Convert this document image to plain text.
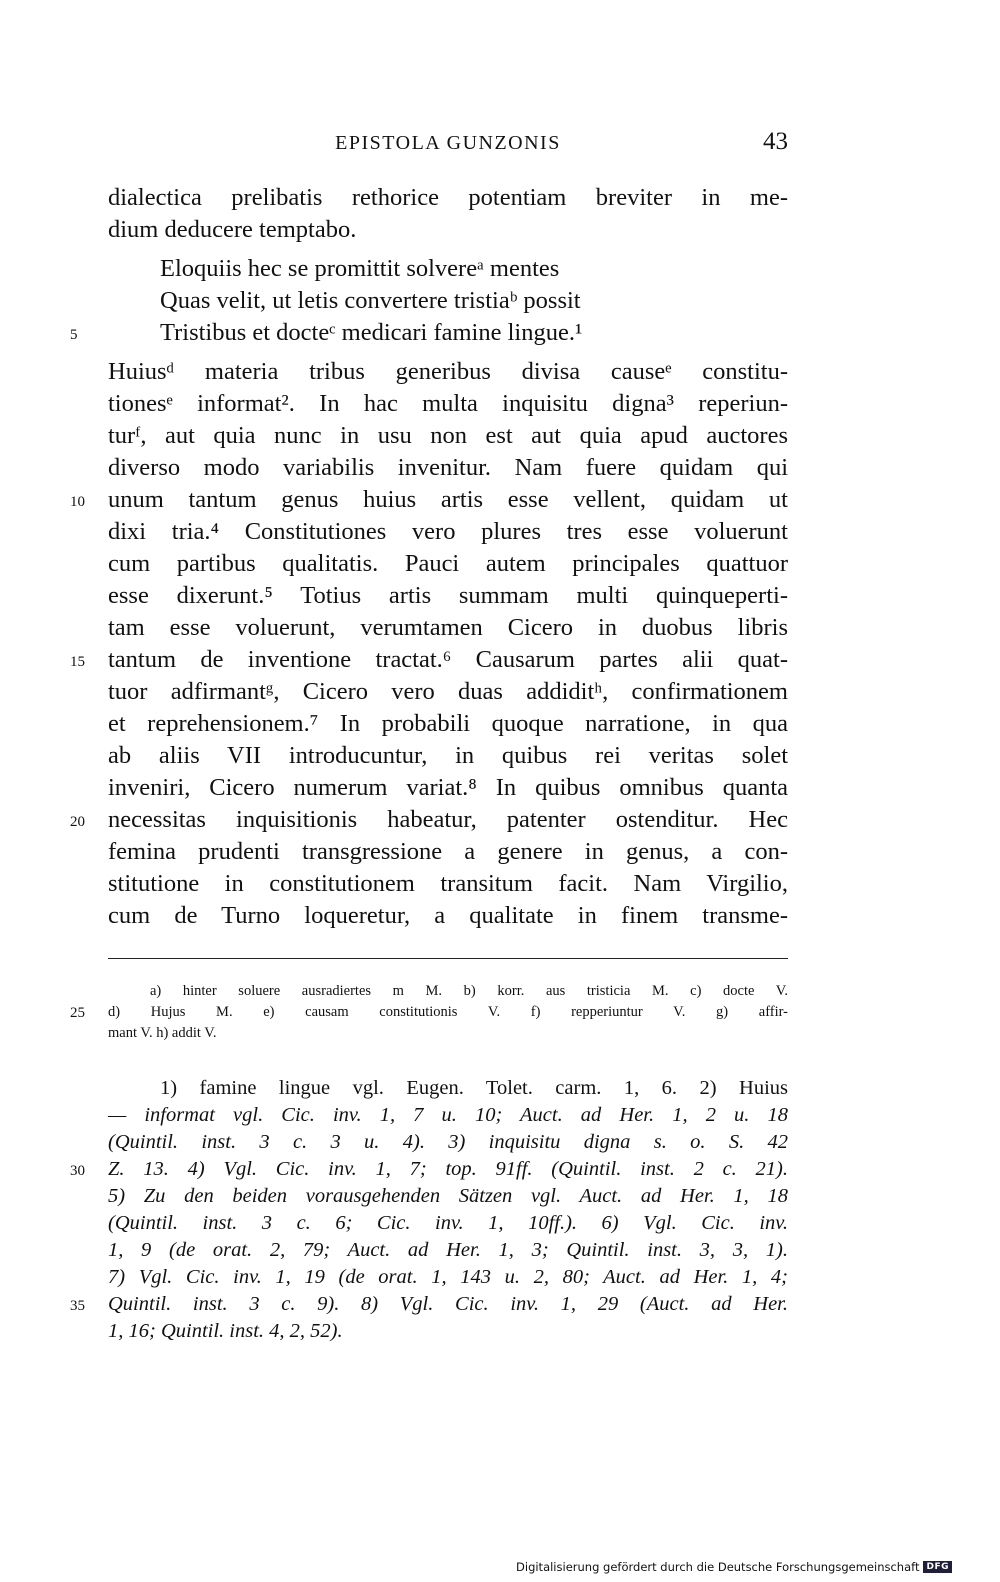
EPISTOLA GUNZONIS	43
dialectica prelibatis rethorice potentiam breviter in me-
dium deducere temptabo.
Eloquiis hec se promittit solvereᵃ mentes
Quas velit, ut letis convertere tristiaᵇ possit
Tristibus et docteᶜ medicari famine lingue.¹
5
Huiusᵈ materia tribus generibus divisa causeᵉ constitu-
tionesᵉ informat². In hac multa inquisitu digna³ reperiun-
turᶠ, aut quia nunc in usu non est aut quia apud auctores
diverso modo variabilis invenitur. Nam fuere quidam qui
unum tantum genus huius artis esse vellent, quidam ut
10
dixi tria.⁴ Constitutiones vero plures tres esse voluerunt
cum partibus qualitatis. Pauci autem principales quattuor
esse dixerunt.⁵ Totius artis summam multi quinqueperti-
tam esse voluerunt, verumtamen Cicero in duobus libris
tantum de inventione tractat.⁶ Causarum partes alii quat-
15
tuor adfirmantᵍ, Cicero vero duas addiditʰ, confirmationem
et reprehensionem.⁷ In probabili quoque narratione, in qua
ab aliis VII introducuntur, in quibus rei veritas solet
inveniri, Cicero numerum variat.⁸ In quibus omnibus quanta
necessitas inquisitionis habeatur, patenter ostenditur. Hec
20
femina prudenti transgressione a genere in genus, a con-
stitutione in constitutionem transitum facit. Nam Virgilio,
cum de Turno loqueretur, a qualitate in finem transme-
a) hinter soluere ausradiertes m M. b) korr. aus tristicia M. c) docte V.
d) Hujus M. e) causam constitutionis V. f) repperiuntur V. g) affir-
25
mant V. h) addit V.
1) famine lingue vgl. Eugen. Tolet. carm. 1, 6. 2) Huius
— informat vgl. Cic. inv. 1, 7 u. 10; Auct. ad Her. 1, 2 u. 18
(Quintil. inst. 3 c. 3 u. 4). 3) inquisitu digna s. o. S. 42
Z. 13. 4) Vgl. Cic. inv. 1, 7; top. 91ff. (Quintil. inst. 2 c. 21).
30
5) Zu den beiden vorausgehenden Sätzen vgl. Auct. ad Her. 1, 18
(Quintil. inst. 3 c. 6; Cic. inv. 1, 10ff.). 6) Vgl. Cic. inv.
1, 9 (de orat. 2, 79; Auct. ad Her. 1, 3; Quintil. inst. 3, 3, 1).
7) Vgl. Cic. inv. 1, 19 (de orat. 1, 143 u. 2, 80; Auct. ad Her. 1, 4;
Quintil. inst. 3 c. 9). 8) Vgl. Cic. inv. 1, 29 (Auct. ad Her.
35
1, 16; Quintil. inst. 4, 2, 52).
Digitalisierung gefördert durch die Deutsche Forschungsgemeinschaft DFG
